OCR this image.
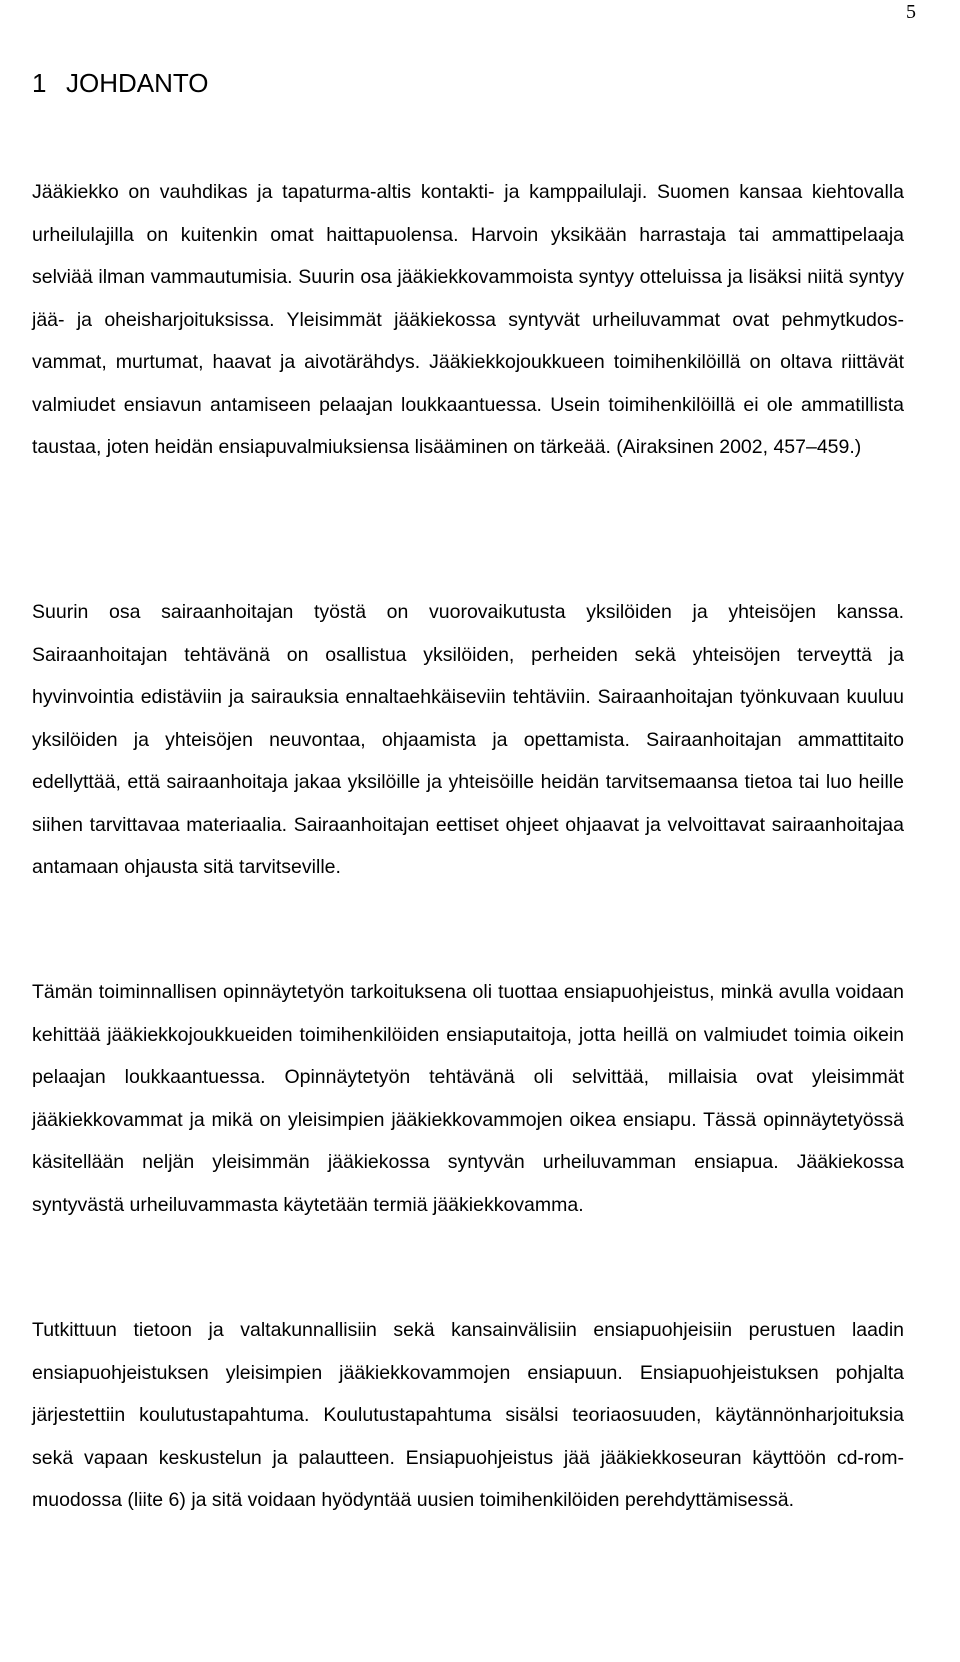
5
1 JOHDANTO

Jääkiekko on vauhdikas ja tapaturma-altis kontakti- ja kamppailulaji. Suomen kansaa kiehtovalla urheilulajilla on kuitenkin omat haittapuolensa. Harvoin yksikään harrastaja tai ammattipelaaja selviää ilman vammautumisia. Suurin osa jääkiekkovammoista syntyy otteluissa ja lisäksi niitä syntyy jää- ja oheisharjoituksissa. Yleisimmät jääkiekossa syntyvät urheiluvammat ovat pehmytkudosvammat, murtumat, haavat ja aivotärähdys. Jääkiekkojoukkueen toimihenkilöillä on oltava riittävät valmiudet ensiavun antamiseen pelaajan loukkaantuessa. Usein toimihenkilöillä ei ole ammatillista taustaa, joten heidän ensiapuvalmiuksiensa lisääminen on tärkeää. (Airaksinen 2002, 457–459.)

Suurin osa sairaanhoitajan työstä on vuorovaikutusta yksilöiden ja yhteisöjen kanssa. Sairaanhoitajan tehtävänä on osallistua yksilöiden, perheiden sekä yhteisöjen terveyttä ja hyvinvointia edistäviin ja sairauksia ennaltaehkäiseviin tehtäviin. Sairaanhoitajan työnkuvaan kuuluu yksilöiden ja yhteisöjen neuvontaa, ohjaamista ja opettamista. Sairaanhoitajan ammattitaito edellyttää, että sairaanhoitaja jakaa yksilöille ja yhteisöille heidän tarvitsemaansa tietoa tai luo heille siihen tarvittavaa materiaalia. Sairaanhoitajan eettiset ohjeet ohjaavat ja velvoittavat sairaanhoitajaa antamaan ohjausta sitä tarvitseville.

Tämän toiminnallisen opinnäytetyön tarkoituksena oli tuottaa ensiapuohjeistus, minkä avulla voidaan kehittää jääkiekkojoukkueiden toimihenkilöiden ensiaputaitoja, jotta heillä on valmiudet toimia oikein pelaajan loukkaantuessa. Opinnäytetyön tehtävänä oli selvittää, millaisia ovat yleisimmät jääkiekkovammat ja mikä on yleisimpien jääkiekkovammojen oikea ensiapu. Tässä opinnäytetyössä käsitellään neljän yleisimmän jääkiekossa syntyvän urheiluvamman ensiapua. Jääkiekossa syntyvästä urheiluvammasta käytetään termiä jääkiekkovamma.

Tutkittuun tietoon ja valtakunnallisiin sekä kansainvälisiin ensiapuohjeisiin perustuen laadin ensiapuohjeistuksen yleisimpien jääkiekkovammojen ensiapuun. Ensiapuohjeistuksen pohjalta järjestettiin koulutustapahtuma. Koulutustapahtuma sisälsi teoriaosuuden, käytännönharjoituksia sekä vapaan keskustelun ja palautteen. Ensiapuohjeistus jää jääkiekkoseuran käyttöön cd-rom- muodossa (liite 6) ja sitä voidaan hyödyntää uusien toimihenkilöiden perehdyttämisessä.
